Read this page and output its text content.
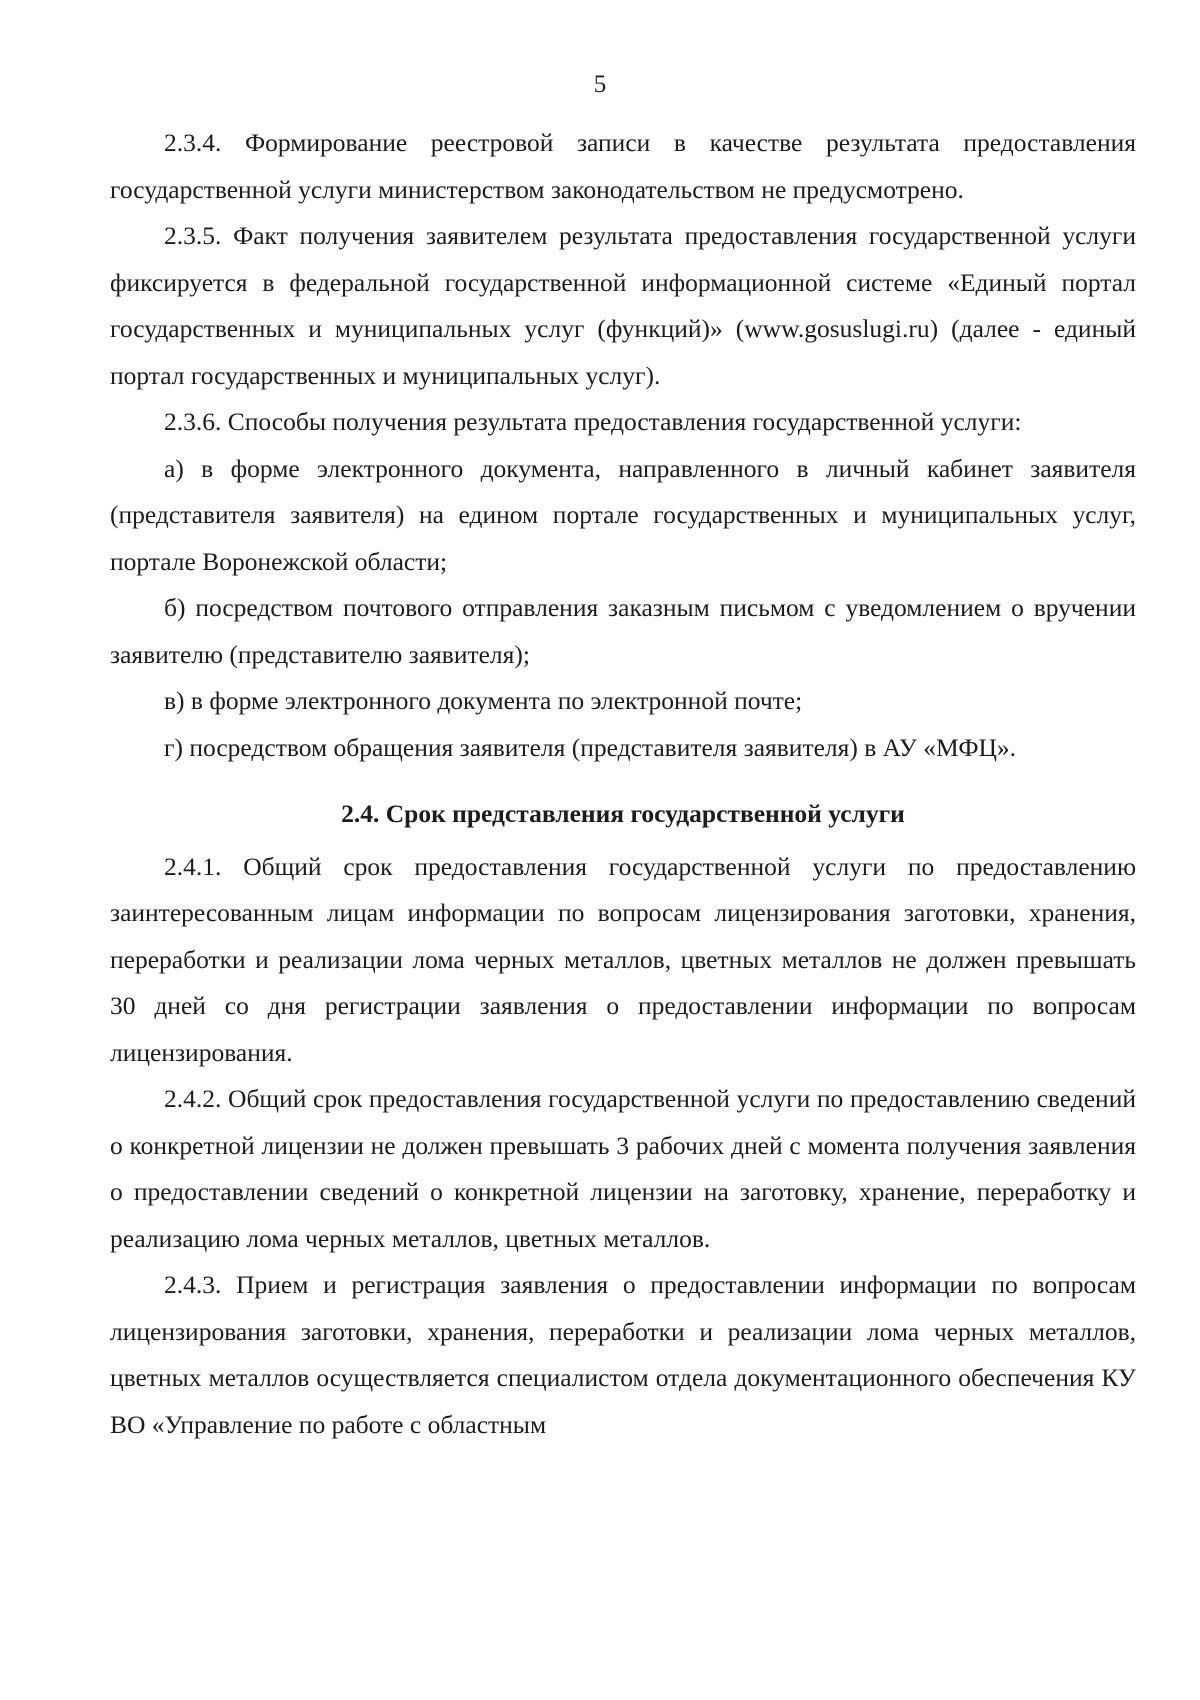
5

2.3.4. Формирование реестровой записи в качестве результата предоставления государственной услуги министерством законодательством не предусмотрено.

2.3.5. Факт получения заявителем результата предоставления государственной услуги фиксируется в федеральной государственной информационной системе «Единый портал государственных и муниципальных услуг (функций)» (www.gosuslugi.ru) (далее - единый портал государственных и муниципальных услуг).

2.3.6. Способы получения результата предоставления государственной услуги:

а) в форме электронного документа, направленного в личный кабинет заявителя (представителя заявителя) на едином портале государственных и муниципальных услуг, портале Воронежской области;

б) посредством почтового отправления заказным письмом с уведомлением о вручении заявителю (представителю заявителя);

в) в форме электронного документа по электронной почте;

г) посредством обращения заявителя (представителя заявителя) в АУ «МФЦ».

2.4. Срок представления государственной услуги

2.4.1. Общий срок предоставления государственной услуги по предоставлению заинтересованным лицам информации по вопросам лицензирования заготовки, хранения, переработки и реализации лома черных металлов, цветных металлов не должен превышать 30 дней со дня регистрации заявления о предоставлении информации по вопросам лицензирования.

2.4.2. Общий срок предоставления государственной услуги по предоставлению сведений о конкретной лицензии не должен превышать 3 рабочих дней с момента получения заявления о предоставлении сведений о конкретной лицензии на заготовку, хранение, переработку и реализацию лома черных металлов, цветных металлов.

2.4.3. Прием и регистрация заявления о предоставлении информации по вопросам лицензирования заготовки, хранения, переработки и реализации лома черных металлов, цветных металлов осуществляется специалистом отдела документационного обеспечения КУ ВО «Управление по работе с областным
